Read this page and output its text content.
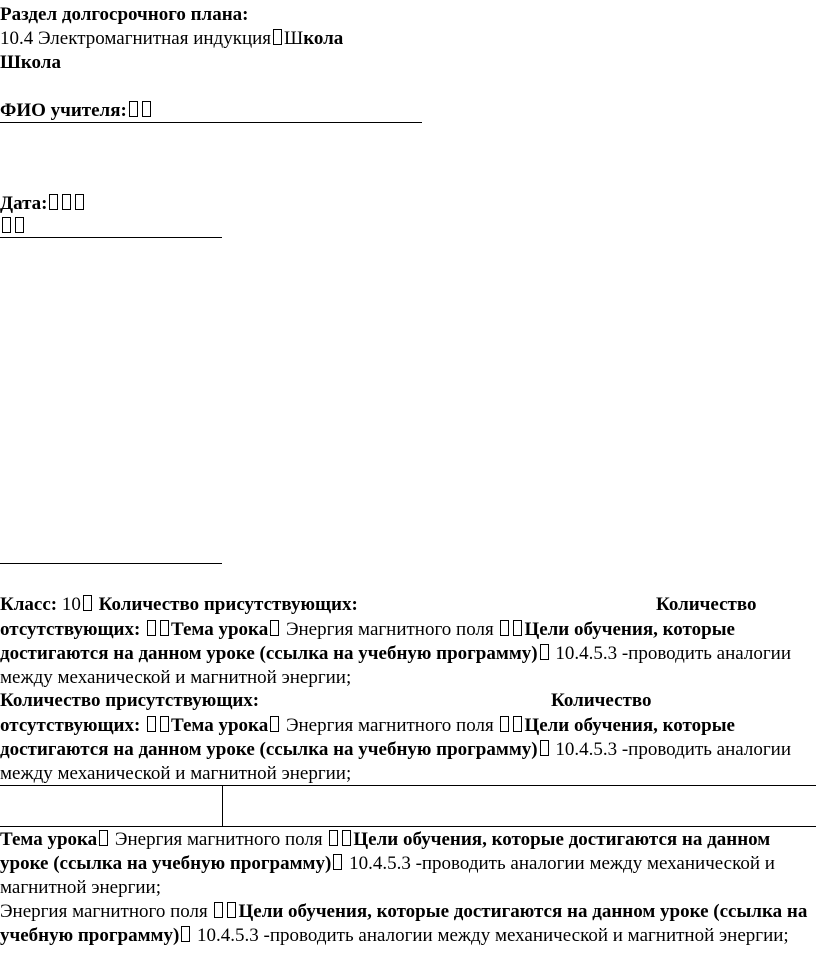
Раздел долгосрочного плана:
10.4 Электромагнитная индукция Школа
Школа
ФИО учителя:
Дата:
Класс: 10 Количество присутствующих:	Количество
отсутствующих: Тема урока Энергия магнитного поля Цели обучения, которые достигаются на данном уроке (ссылка на учебную программу) 10.4.5.3 -проводить аналогии между механической и магнитной энергии;
Количество присутствующих:	Количество
отсутствующих: Тема урока Энергия магнитного поля Цели обучения, которые достигаются на данном уроке (ссылка на учебную программу) 10.4.5.3 -проводить аналогии между механической и магнитной энергии;
Тема урока Энергия магнитного поля Цели обучения, которые достигаются на данном уроке (ссылка на учебную программу) 10.4.5.3 -проводить аналогии между механической и магнитной энергии;
Энергия магнитного поля Цели обучения, которые достигаются на данном уроке (ссылка на учебную программу) 10.4.5.3 -проводить аналогии между механической и магнитной энергии;
